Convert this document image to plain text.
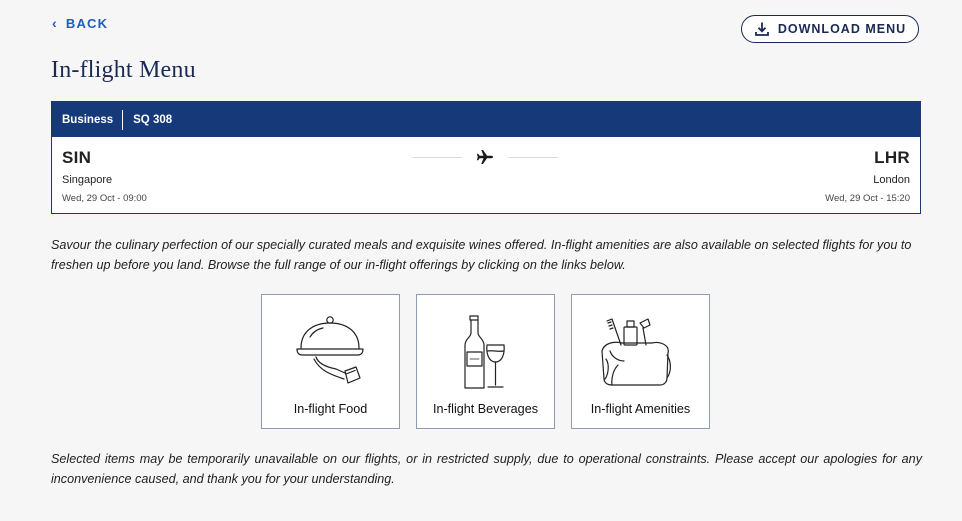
‹ BACK	DOWNLOAD MENU
In-flight Menu
Business SQ 308
SIN
Singapore
Wed, 29 Oct - 09:00
LHR
London
Wed, 29 Oct - 15:20

Savour the culinary perfection of our specially curated meals and exquisite wines offered. In-flight amenities are also available on selected flights for you to freshen up before you land. Browse the full range of our in-flight offerings by clicking on the links below.

In-flight Food	In-flight Beverages	In-flight Amenities

Selected items may be temporarily unavailable on our flights, or in restricted supply, due to operational constraints. Please accept our apologies for any inconvenience caused, and thank you for your understanding.
